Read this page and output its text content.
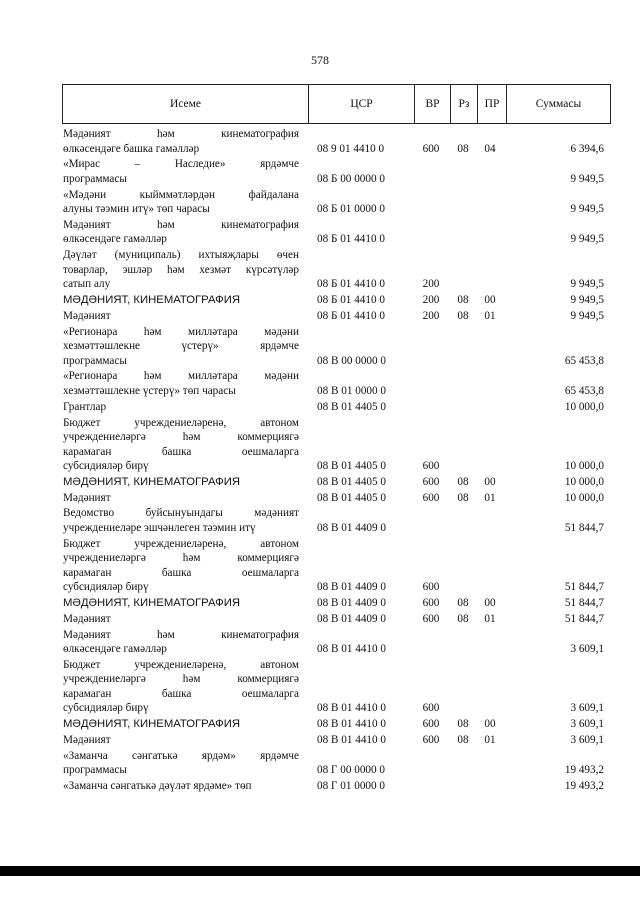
578
Исеме	ЦСР	ВР	Рз	ПР	Суммасы
Мәдәният һәм кинематография
өлкәсендәге башка гамәлләр	08 9 01 4410 0	600	08	04	6 394,6
«Мирас – Наследие» ярдәмче
программасы	08 Б 00 0000 0	9 949,5
«Мәдәни кыйммәтләрдән файдалана
алуны тәэмин итү» төп чарасы	08 Б 01 0000 0	9 949,5
Мәдәният һәм кинематография
өлкәсендәге гамәлләр	08 Б 01 4410 0	9 949,5
Дәүләт (муниципаль) ихтыяҗлары өчен
товарлар, эшләр һәм хезмәт күрсәтүләр
сатып алу	08 Б 01 4410 0	200	9 949,5
МӘДӘНИЯТ, КИНЕМАТОГРАФИЯ	08 Б 01 4410 0	200	08	00	9 949,5
Мәдәният	08 Б 01 4410 0	200	08	01	9 949,5
«Регионара һәм милләтара мәдәни
хезмәттәшлекне үстерү» ярдәмче
программасы	08 В 00 0000 0	65 453,8
«Регионара һәм милләтара мәдәни
хезмәттәшлекне үстерү» төп чарасы	08 В 01 0000 0	65 453,8
Грантлар	08 В 01 4405 0	10 000,0
Бюджет учреждениеләренә, автоном
учреждениеләргә һәм коммерциягә
карамаган башка оешмаларга
субсидияләр бирү	08 В 01 4405 0	600	10 000,0
МӘДӘНИЯТ, КИНЕМАТОГРАФИЯ	08 В 01 4405 0	600	08	00	10 000,0
Мәдәният	08 В 01 4405 0	600	08	01	10 000,0
Ведомство буйсынуындагы мәдәният
учреждениеләре эшчәнлеген тәэмин итү	08 В 01 4409 0	51 844,7
Бюджет учреждениеләренә, автоном
учреждениеләргә һәм коммерциягә
карамаган башка оешмаларга
субсидияләр бирү	08 В 01 4409 0	600	51 844,7
МӘДӘНИЯТ, КИНЕМАТОГРАФИЯ	08 В 01 4409 0	600	08	00	51 844,7
Мәдәният	08 В 01 4409 0	600	08	01	51 844,7
Мәдәният һәм кинематография
өлкәсендәге гамәлләр	08 В 01 4410 0	3 609,1
Бюджет учреждениеләренә, автоном
учреждениеләргә һәм коммерциягә
карамаган башка оешмаларга
субсидияләр бирү	08 В 01 4410 0	600	3 609,1
МӘДӘНИЯТ, КИНЕМАТОГРАФИЯ	08 В 01 4410 0	600	08	00	3 609,1
Мәдәният	08 В 01 4410 0	600	08	01	3 609,1
«Заманча сәнгатькә ярдәм» ярдәмче
программасы	08 Г 00 0000 0	19 493,2
«Заманча сәнгатькә дәүләт ярдәме» төп	08 Г 01 0000 0	19 493,2
